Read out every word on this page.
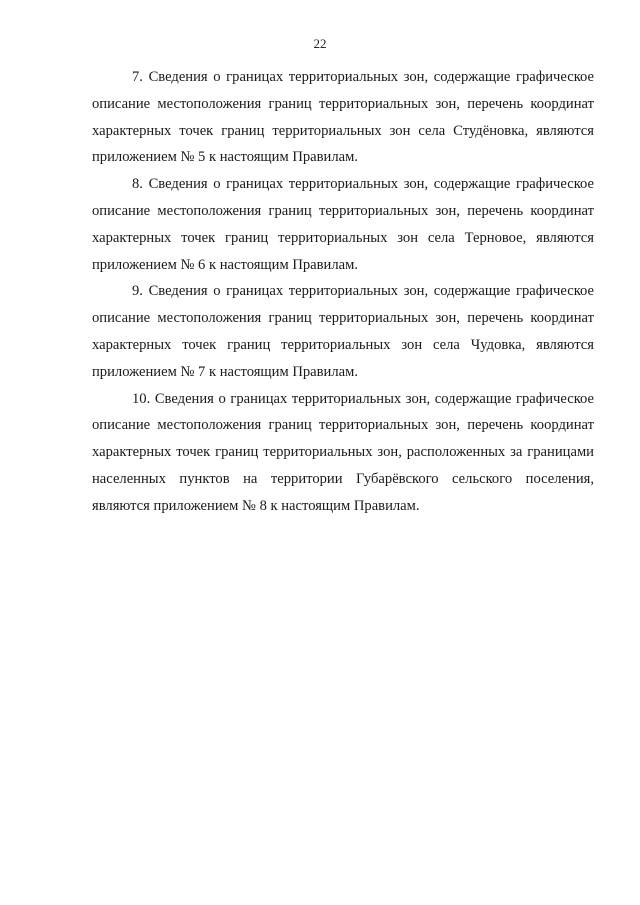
22

7. Сведения о границах территориальных зон, содержащие графическое описание местоположения границ территориальных зон, перечень координат характерных точек границ территориальных зон села Студёновка, являются приложением № 5 к настоящим Правилам.

8. Сведения о границах территориальных зон, содержащие графическое описание местоположения границ территориальных зон, перечень координат характерных точек границ территориальных зон села Терновое, являются приложением № 6 к настоящим Правилам.

9. Сведения о границах территориальных зон, содержащие графическое описание местоположения границ территориальных зон, перечень координат характерных точек границ территориальных зон села Чудовка, являются приложением № 7 к настоящим Правилам.

10. Сведения о границах территориальных зон, содержащие графическое описание местоположения границ территориальных зон, перечень координат характерных точек границ территориальных зон, расположенных за границами населенных пунктов на территории Губарёвского сельского поселения, являются приложением № 8 к настоящим Правилам.
